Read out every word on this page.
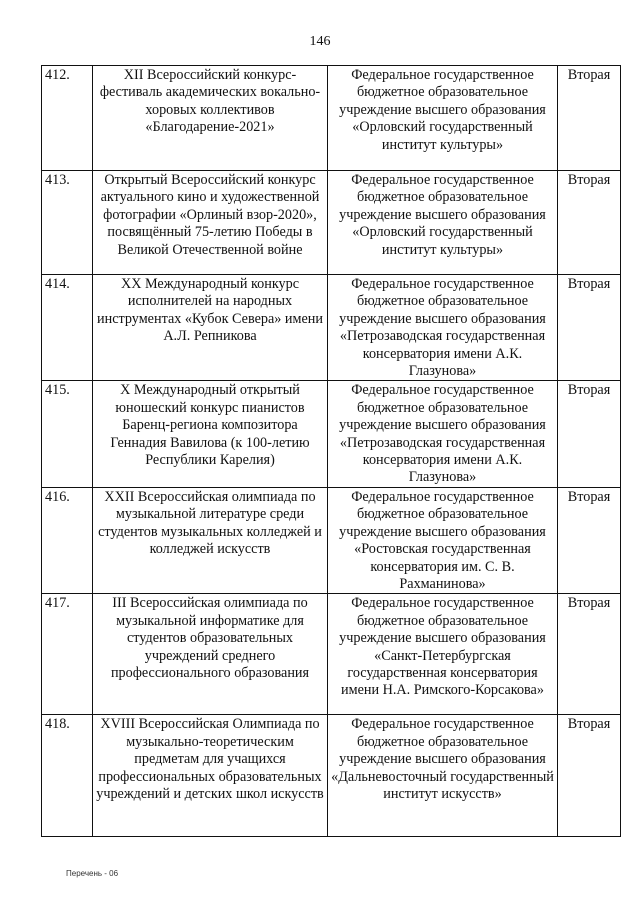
146
412.	XII Всероссийский конкурс-фестиваль академических вокально-хоровых коллективов «Благодарение-2021»	Федеральное государственное бюджетное образовательное учреждение высшего образования «Орловский государственный институт культуры»	Вторая
413.	Открытый Всероссийский конкурс актуального кино и художественной фотографии «Орлиный взор-2020», посвящённый 75-летию Победы в Великой Отечественной войне	Федеральное государственное бюджетное образовательное учреждение высшего образования «Орловский государственный институт культуры»	Вторая
414.	XX Международный конкурс исполнителей на народных инструментах «Кубок Севера» имени А.Л. Репникова	Федеральное государственное бюджетное образовательное учреждение высшего образования «Петрозаводская государственная консерватория имени А.К. Глазунова»	Вторая
415.	X Международный открытый юношеский конкурс пианистов Баренц-региона композитора Геннадия Вавилова (к 100-летию Республики Карелия)	Федеральное государственное бюджетное образовательное учреждение высшего образования «Петрозаводская государственная консерватория имени А.К. Глазунова»	Вторая
416.	XXII Всероссийская олимпиада по музыкальной литературе среди студентов музыкальных колледжей и колледжей искусств	Федеральное государственное бюджетное образовательное учреждение высшего образования «Ростовская государственная консерватория им. С. В. Рахманинова»	Вторая
417.	III Всероссийская олимпиада по музыкальной информатике для студентов образовательных учреждений среднего профессионального образования	Федеральное государственное бюджетное образовательное учреждение высшего образования «Санкт-Петербургская государственная консерватория имени Н.А. Римского-Корсакова»	Вторая
418.	XVIII Всероссийская Олимпиада по музыкально-теоретическим предметам для учащихся профессиональных образовательных учреждений и детских школ искусств	Федеральное государственное бюджетное образовательное учреждение высшего образования «Дальневосточный государственный институт искусств»	Вторая
Перечень - 06
